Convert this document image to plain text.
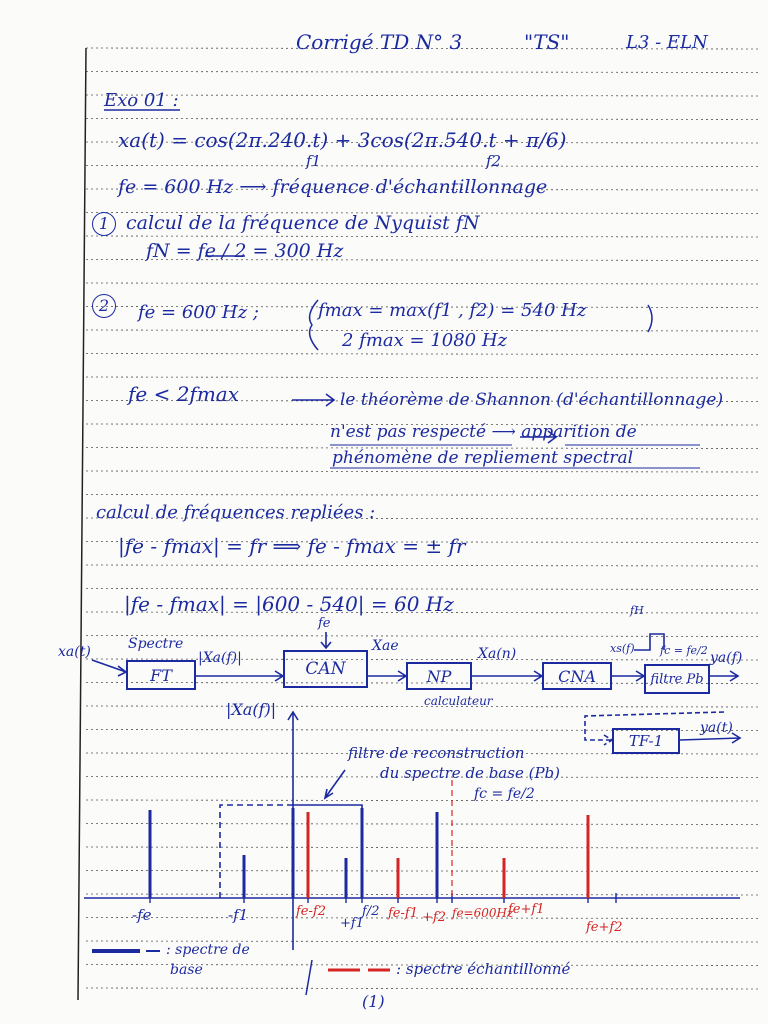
Corrigé TD N° 3	"TS"	L3 - ELN
Exo 01 :
xa(t) = cos(2π.240.t) + 3cos(2π.540.t + π/6)
f1	f2
fe = 600 Hz ⟶ fréquence d'échantillonnage
1 calcul de la fréquence de Nyquist fN
fN = fe / 2 = 300 Hz
2	fe = 600 Hz ;	fmax = max(f1 , f2) = 540 Hz
2 fmax = 1080 Hz
fe < 2fmax	le théorème de Shannon (d'échantillonnage)
n'est pas respecté ⟶ apparition de
phénomène de repliement spectral
calcul de fréquences repliées :
|fe - fmax| = fr ⟹ fe - fmax = ± fr
|fe - fmax| = |600 - 540| = 60 Hz
xa(t)	Spectre
FT
|Xa(f)|
fe
CAN
Xae
NP
calculateur
Xa(n)
CNA
xs(f)
fH
fc = fe/2
filtre Pb
ya(f)
TF-1
ya(t)
|Xa(f)|
filtre de reconstruction
du spectre de base (Pb)
fc = fe/2
-fe	-f1	fe-f2
+f1
f/2 fe-f1 +f2 fe=600Hz
fe+f1
fe+f2
: spectre de
base	: spectre échantillonné
(1)
